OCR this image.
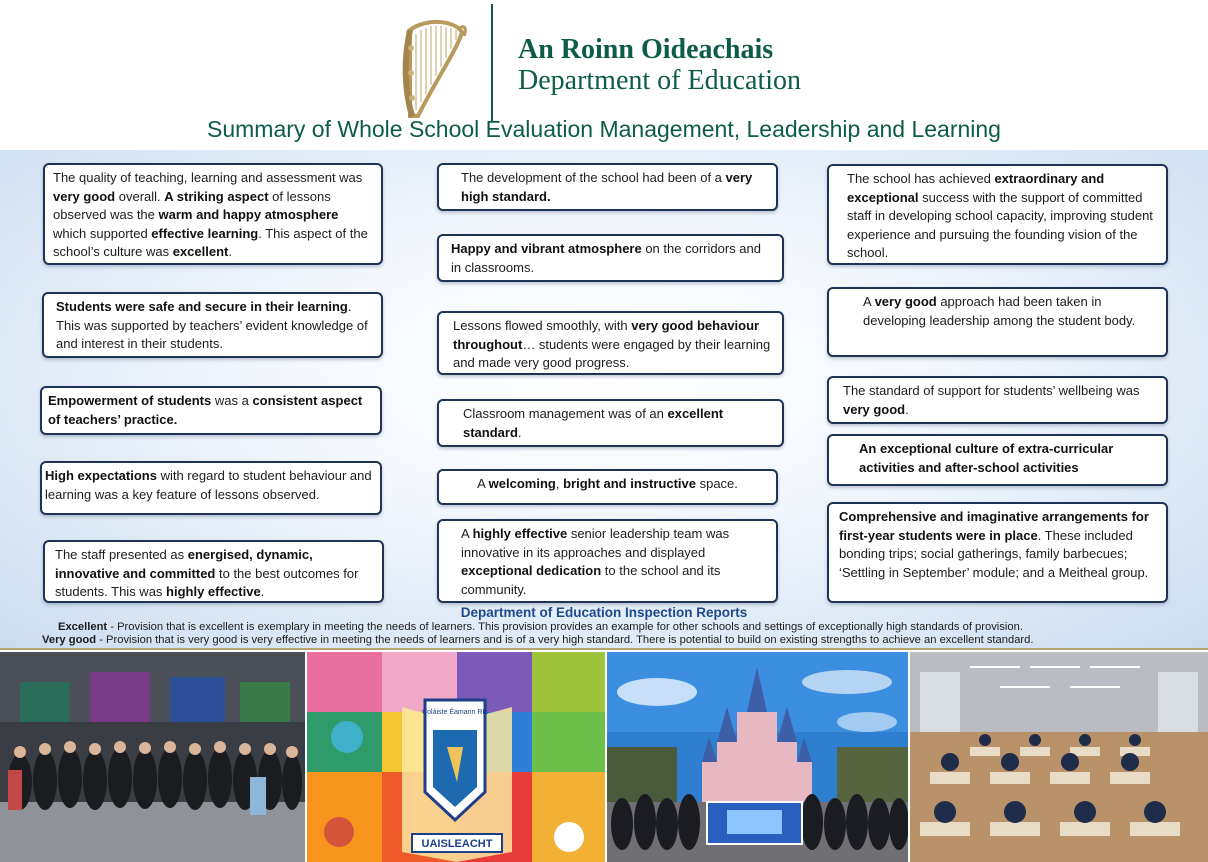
An Roinn Oideachais
Department of Education
Summary of Whole School Evaluation Management, Leadership and Learning
The quality of teaching, learning and assessment was very good overall. A striking aspect of lessons observed was the warm and happy atmosphere which supported effective learning. This aspect of the school’s culture was excellent.
Students were safe and secure in their learning. This was supported by teachers’ evident knowledge of and interest in their students.
Empowerment of students was a consistent aspect of teachers’ practice.
High expectations with regard to student behaviour and learning was a key feature of lessons observed.
The staff presented as energised, dynamic, innovative and committed to the best outcomes for students. This was highly effective.
The development of the school had been of a very high standard.
Happy and vibrant atmosphere on the corridors and in classrooms.
Lessons flowed smoothly, with very good behaviour throughout… students were engaged by their learning and made very good progress.
Classroom management was of an excellent standard.
A welcoming, bright and instructive space.
A highly effective senior leadership team was innovative in its approaches and displayed exceptional dedication to the school and its community.
The school has achieved extraordinary and exceptional success with the support of committed staff in developing school capacity, improving student experience and pursuing the founding vision of the school.
A very good approach had been taken in developing leadership among the student body.
The standard of support for students’ wellbeing was very good.
An exceptional culture of extra-curricular activities and after-school activities
Comprehensive and imaginative arrangements for first-year students were in place. These included bonding trips; social gatherings, family barbecues; ‘Settling in September’ module; and a Meitheal group.
Department of Education Inspection Reports
Excellent - Provision that is excellent is exemplary in meeting the needs of learners. This provision provides an example for other schools and settings of exceptionally high standards of provision.
Very good - Provision that is very good is very effective in meeting the needs of learners and is of a very high standard. There is potential to build on existing strengths to achieve an excellent standard.
Coláiste Éamann Rís
UAISLEACHT
